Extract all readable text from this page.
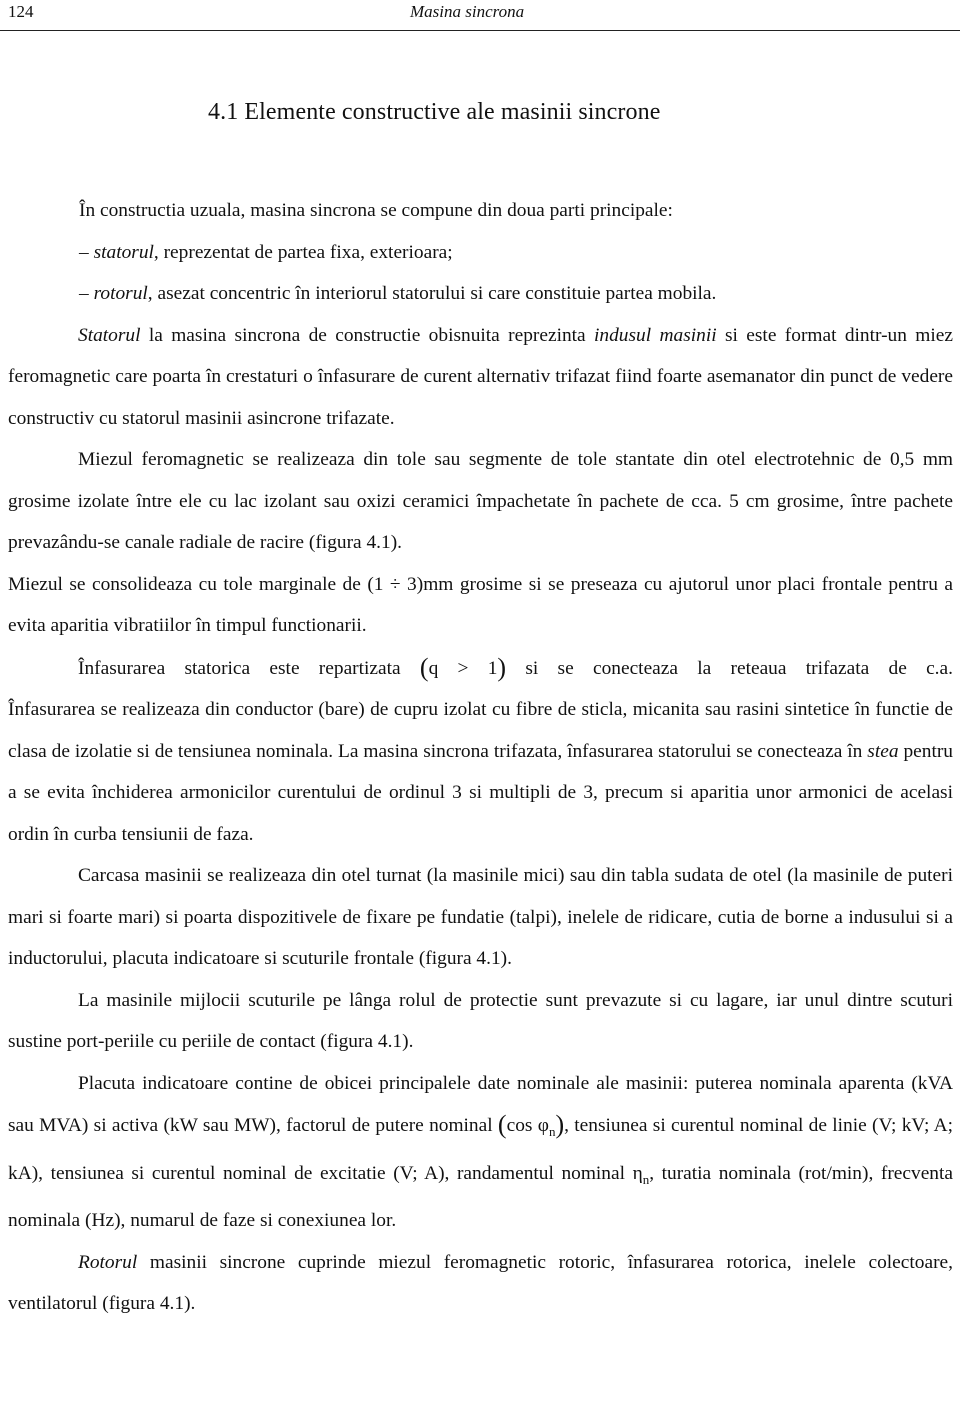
124	Masina sincrona
4.1 Elemente constructive ale masinii sincrone

În constructia uzuala, masina sincrona se compune din doua parti principale:

– statorul, reprezentat de partea fixa, exterioara;

– rotorul, asezat concentric în interiorul statorului si care constituie partea mobila.

Statorul la masina sincrona de constructie obisnuita reprezinta indusul masinii si este format dintr-un miez feromagnetic care poarta în crestaturi o înfasurare de curent alternativ trifazat fiind foarte asemanator din punct de vedere constructiv cu statorul masinii asincrone trifazate.

Miezul feromagnetic se realizeaza din tole sau segmente de tole stantate din otel electrotehnic de 0,5 mm grosime izolate între ele cu lac izolant sau oxizi ceramici împachetate în pachete de cca. 5 cm grosime, între pachete prevazându-se canale radiale de racire (figura 4.1).

Miezul se consolideaza cu tole marginale de (1 ÷ 3)mm grosime si se preseaza cu ajutorul unor placi frontale pentru a evita aparitia vibratiilor în timpul functionarii.

Înfasurarea statorica este repartizata (q > 1) si se conecteaza la reteaua trifazata de c.a.

Înfasurarea se realizeaza din conductor (bare) de cupru izolat cu fibre de sticla, micanita sau rasini sintetice în functie de clasa de izolatie si de tensiunea nominala. La masina sincrona trifazata, înfasurarea statorului se conecteaza în stea pentru a se evita închiderea armonicilor curentului de ordinul 3 si multipli de 3, precum si aparitia unor armonici de acelasi ordin în curba tensiunii de faza.

Carcasa masinii se realizeaza din otel turnat (la masinile mici) sau din tabla sudata de otel (la masinile de puteri mari si foarte mari) si poarta dispozitivele de fixare pe fundatie (talpi), inelele de ridicare, cutia de borne a indusului si a inductorului, placuta indicatoare si scuturile frontale (figura 4.1).

La masinile mijlocii scuturile pe lânga rolul de protectie sunt prevazute si cu lagare, iar unul dintre scuturi sustine port-periile cu periile de contact (figura 4.1).

Placuta indicatoare contine de obicei principalele date nominale ale masinii: puterea nominala aparenta (kVA sau MVA) si activa (kW sau MW), factorul de putere nominal (cos $\varphi_n$), tensiunea si curentul nominal de linie (V; kV; A; kA), tensiunea si curentul nominal de excitatie (V; A), randamentul nominal $\eta_n$, turatia nominala (rot/min), frecventa nominala (Hz), numarul de faze si conexiunea lor.

Rotorul masinii sincrone cuprinde miezul feromagnetic rotoric, înfasurarea rotorica, inelele colectoare, ventilatorul (figura 4.1).
